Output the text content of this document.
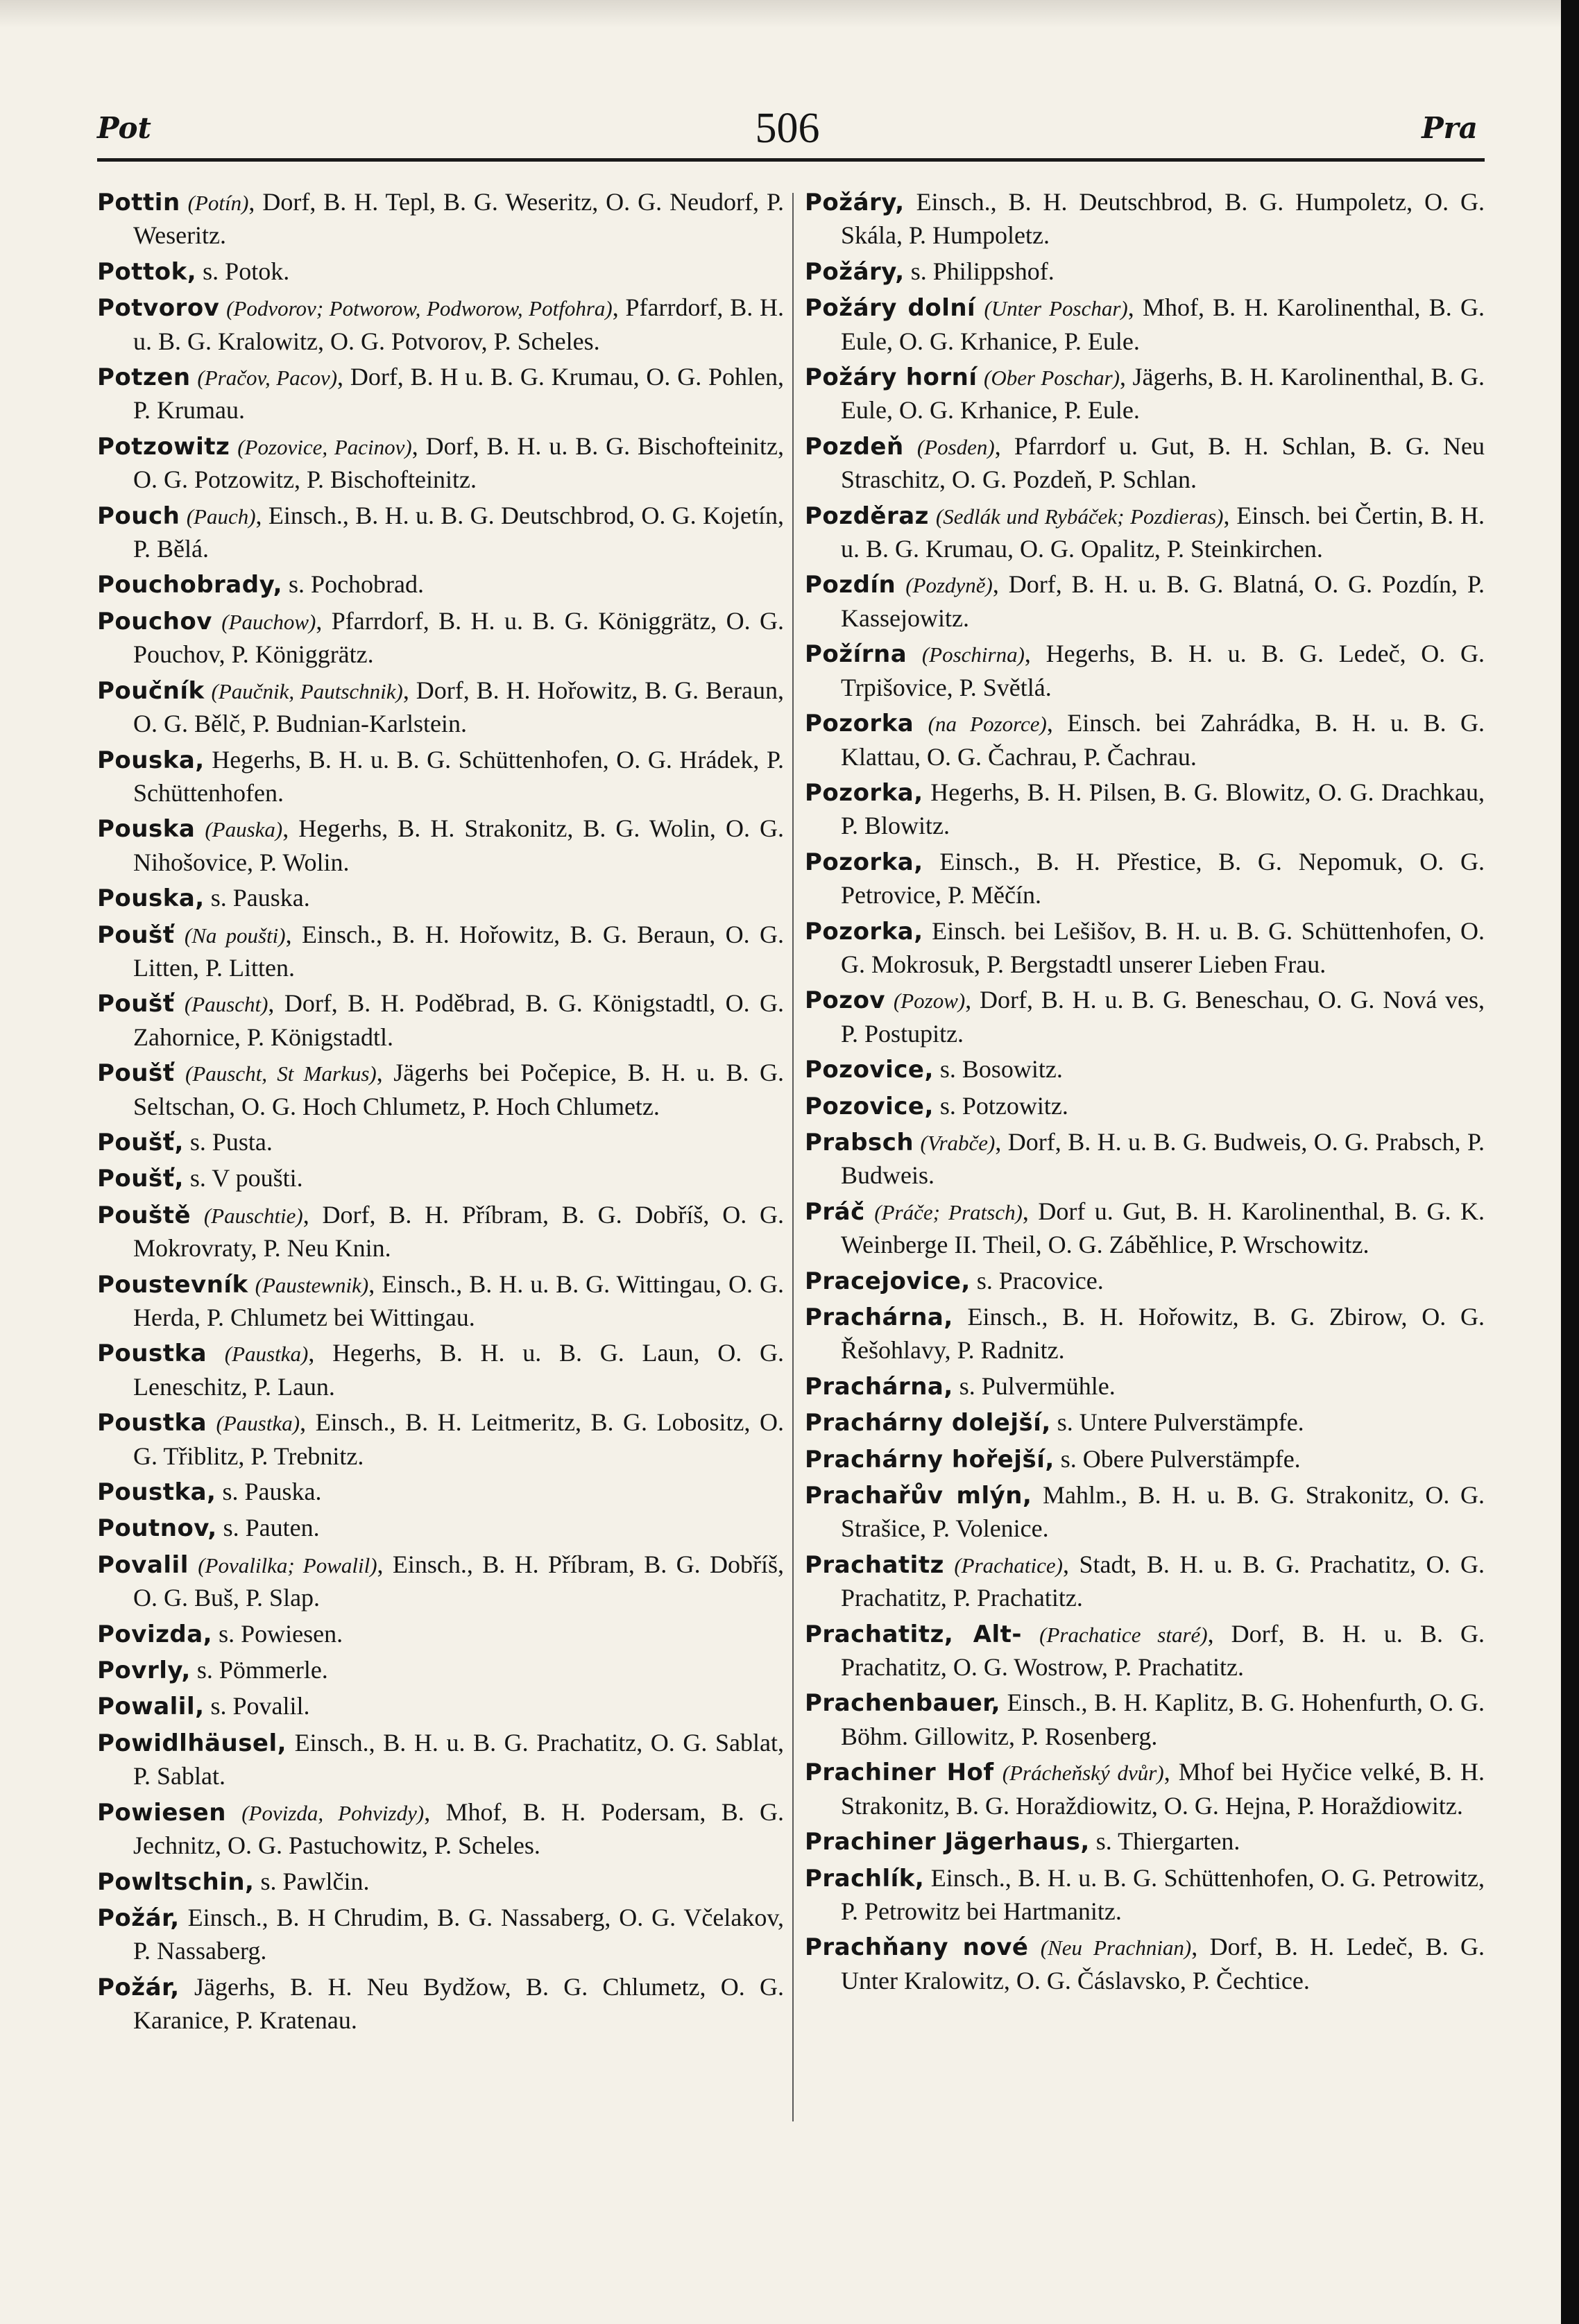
Pot	506	Pra

Pottin (Potín), Dorf, B. H. Tepl, B. G. Weseritz, O. G. Neudorf, P. Weseritz.

Pottok, s. Potok.

Potvorov (Podvorov; Potworow, Podworow, Potfohra), Pfarrdorf, B. H. u. B. G. Kralowitz, O. G. Potvorov, P. Scheles.

Potzen (Pračov, Pacov), Dorf, B. H u. B. G. Krumau, O. G. Pohlen, P. Krumau.

Potzowitz (Pozovice, Pacinov), Dorf, B. H. u. B. G. Bischofteinitz, O. G. Potzowitz, P. Bischofteinitz.

Pouch (Pauch), Einsch., B. H. u. B. G. Deutschbrod, O. G. Kojetín, P. Bělá.

Pouchobrady, s. Pochobrad.

Pouchov (Pauchow), Pfarrdorf, B. H. u. B. G. Königgrätz, O. G. Pouchov, P. Königgrätz.

Poučník (Paučnik, Pautschnik), Dorf, B. H. Hořowitz, B. G. Beraun, O. G. Bělč, P. Budnian-Karlstein.

Pouska, Hegerhs, B. H. u. B. G. Schüttenhofen, O. G. Hrádek, P. Schüttenhofen.

Pouska (Pauska), Hegerhs, B. H. Strakonitz, B. G. Wolin, O. G. Nihošovice, P. Wolin.

Pouska, s. Pauska.

Poušť (Na poušti), Einsch., B. H. Hořowitz, B. G. Beraun, O. G. Litten, P. Litten.

Poušť (Pauscht), Dorf, B. H. Poděbrad, B. G. Königstadtl, O. G. Zahornice, P. Königstadtl.

Poušť (Pauscht, St Markus), Jägerhs bei Počepice, B. H. u. B. G. Seltschan, O. G. Hoch Chlumetz, P. Hoch Chlumetz.

Poušť, s. Pusta.

Poušť, s. V poušti.

Pouště (Pauschtie), Dorf, B. H. Příbram, B. G. Dobříš, O. G. Mokrovraty, P. Neu Knin.

Poustevník (Paustewnik), Einsch., B. H. u. B. G. Wittingau, O. G. Herda, P. Chlumetz bei Wittingau.

Poustka (Paustka), Hegerhs, B. H. u. B. G. Laun, O. G. Leneschitz, P. Laun.

Poustka (Paustka), Einsch., B. H. Leitmeritz, B. G. Lobositz, O. G. Třiblitz, P. Trebnitz.

Poustka, s. Pauska.

Poutnov, s. Pauten.

Povalil (Povalilka; Powalil), Einsch., B. H. Příbram, B. G. Dobříš, O. G. Buš, P. Slap.

Povizda, s. Powiesen.

Povrly, s. Pömmerle.

Powalil, s. Povalil.

Powidlhäusel, Einsch., B. H. u. B. G. Prachatitz, O. G. Sablat, P. Sablat.

Powiesen (Povizda, Pohvizdy), Mhof, B. H. Podersam, B. G. Jechnitz, O. G. Pastuchowitz, P. Scheles.

Powltschin, s. Pawlčin.

Požár, Einsch., B. H Chrudim, B. G. Nassaberg, O. G. Včelakov, P. Nassaberg.

Požár, Jägerhs, B. H. Neu Bydžow, B. G. Chlumetz, O. G. Karanice, P. Kratenau.

Požáry, Einsch., B. H. Deutschbrod, B. G. Humpoletz, O. G. Skála, P. Humpoletz.

Požáry, s. Philippshof.

Požáry dolní (Unter Poschar), Mhof, B. H. Karolinenthal, B. G. Eule, O. G. Krhanice, P. Eule.

Požáry horní (Ober Poschar), Jägerhs, B. H. Karolinenthal, B. G. Eule, O. G. Krhanice, P. Eule.

Pozdeň (Posden), Pfarrdorf u. Gut, B. H. Schlan, B. G. Neu Straschitz, O. G. Pozdeň, P. Schlan.

Pozděraz (Sedlák und Rybáček; Pozdieras), Einsch. bei Čertin, B. H. u. B. G. Krumau, O. G. Opalitz, P. Steinkirchen.

Pozdín (Pozdyně), Dorf, B. H. u. B. G. Blatná, O. G. Pozdín, P. Kassejowitz.

Požírna (Poschirna), Hegerhs, B. H. u. B. G. Ledeč, O. G. Trpišovice, P. Světlá.

Pozorka (na Pozorce), Einsch. bei Zahrádka, B. H. u. B. G. Klattau, O. G. Čachrau, P. Čachrau.

Pozorka, Hegerhs, B. H. Pilsen, B. G. Blowitz, O. G. Drachkau, P. Blowitz.

Pozorka, Einsch., B. H. Přestice, B. G. Nepomuk, O. G. Petrovice, P. Měčín.

Pozorka, Einsch. bei Lešišov, B. H. u. B. G. Schüttenhofen, O. G. Mokrosuk, P. Bergstadtl unserer Lieben Frau.

Pozov (Pozow), Dorf, B. H. u. B. G. Beneschau, O. G. Nová ves, P. Postupitz.

Pozovice, s. Bosowitz.

Pozovice, s. Potzowitz.

Prabsch (Vrabče), Dorf, B. H. u. B. G. Budweis, O. G. Prabsch, P. Budweis.

Práč (Práče; Pratsch), Dorf u. Gut, B. H. Karolinenthal, B. G. K. Weinberge II. Theil, O. G. Záběhlice, P. Wrschowitz.

Pracejovice, s. Pracovice.

Prachárna, Einsch., B. H. Hořowitz, B. G. Zbirow, O. G. Řešohlavy, P. Radnitz.

Prachárna, s. Pulvermühle.

Prachárny dolejší, s. Untere Pulverstämpfe.

Prachárny hořejší, s. Obere Pulverstämpfe.

Prachařův mlýn, Mahlm., B. H. u. B. G. Strakonitz, O. G. Strašice, P. Volenice.

Prachatitz (Prachatice), Stadt, B. H. u. B. G. Prachatitz, O. G. Prachatitz, P. Prachatitz.

Prachatitz, Alt- (Prachatice staré), Dorf, B. H. u. B. G. Prachatitz, O. G. Wostrow, P. Prachatitz.

Prachenbauer, Einsch., B. H. Kaplitz, B. G. Hohenfurth, O. G. Böhm. Gillowitz, P. Rosenberg.

Prachiner Hof (Prácheňský dvůr), Mhof bei Hyčice velké, B. H. Strakonitz, B. G. Horaždiowitz, O. G. Hejna, P. Horaždiowitz.

Prachiner Jägerhaus, s. Thiergarten.

Prachlík, Einsch., B. H. u. B. G. Schüttenhofen, O. G. Petrowitz, P. Petrowitz bei Hartmanitz.

Prachňany nové (Neu Prachnian), Dorf, B. H. Ledeč, B. G. Unter Kralowitz, O. G. Čáslavsko, P. Čechtice.
